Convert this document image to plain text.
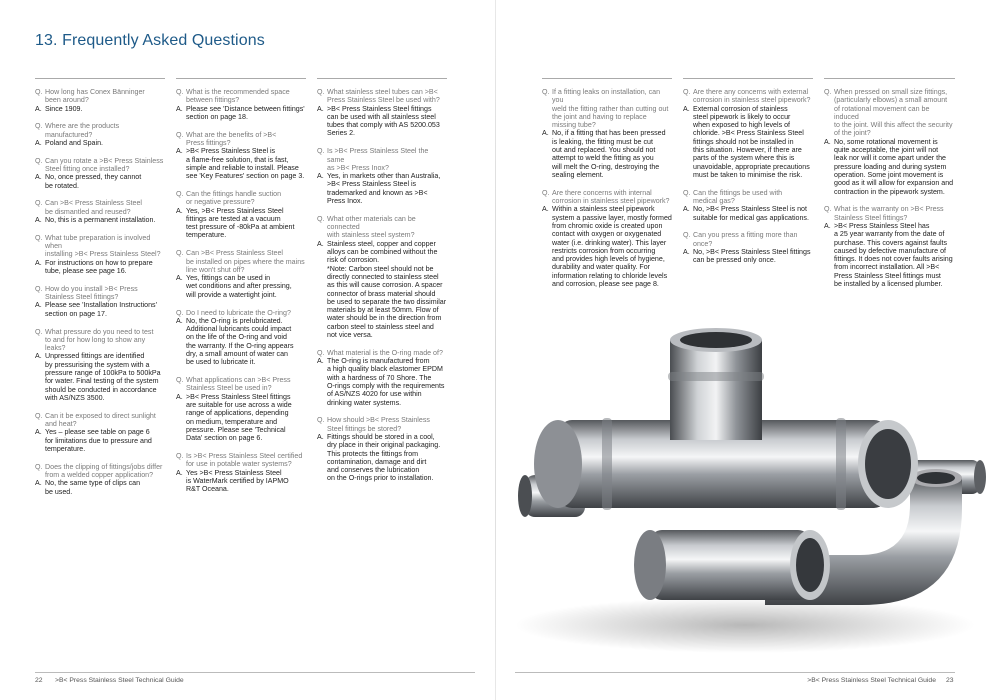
13. Frequently Asked Questions
Q. How long has Conex Bänninger
been around?
A. Since 1909.
Q. Where are the products manufactured?
A. Poland and Spain.
Q. Can you rotate a >B< Press Stainless
Steel fitting once installed?
A. No, once pressed, they cannot
be rotated.
Q. Can >B< Press Stainless Steel
be dismantled and reused?
A. No, this is a permanent installation.
Q. What tube preparation is involved when
installing >B< Press Stainless Steel?
A. For instructions on how to prepare
tube, please see page 16.
Q. How do you install >B< Press
Stainless Steel fittings?
A. Please see 'Installation Instructions'
section on page 17.
Q. What pressure do you need to test
to and for how long to show any leaks?
A. Unpressed fittings are identified
by pressurising the system with a
pressure range of 100kPa to 500kPa
for water. Final testing of the system
should be conducted in accordance
with AS/NZS 3500.
Q. Can it be exposed to direct sunlight
and heat?
A. Yes – please see table on page 6
for limitations due to pressure and
temperature.
Q. Does the clipping of fittings/jobs differ
from a welded copper application?
A. No, the same type of clips can
be used.
Q. What is the recommended space
between fittings?
A. Please see 'Distance between fittings'
section on page 18.
Q. What are the benefits of >B<
Press fittings?
A. >B< Press Stainless Steel is
a flame-free solution, that is fast,
simple and reliable to install. Please
see 'Key Features' section on page 3.
Q. Can the fittings handle suction
or negative pressure?
A. Yes, >B< Press Stainless Steel
fittings are tested at a vacuum
test pressure of -80kPa at ambient
temperature.
Q. Can >B< Press Stainless Steel
be installed on pipes where the mains
line won't shut off?
A. Yes, fittings can be used in
wet conditions and after pressing,
will provide a watertight joint.
Q. Do I need to lubricate the O-ring?
A. No, the O-ring is prelubricated.
Additional lubricants could impact
on the life of the O-ring and void
the warranty. If the O-ring appears
dry, a small amount of water can
be used to lubricate it.
Q. What applications can >B< Press
Stainless Steel be used in?
A. >B< Press Stainless Steel fittings
are suitable for use across a wide
range of applications, depending
on medium, temperature and
pressure. Please see 'Technical
Data' section on page 6.
Q. Is >B< Press Stainless Steel certified
for use in potable water systems?
A. Yes >B< Press Stainless Steel
is WaterMark certified by IAPMO
R&T Oceana.
Q. What stainless steel tubes can >B<
Press Stainless Steel be used with?
A. >B< Press Stainless Steel fittings
can be used with all stainless steel
tubes that comply with AS 5200.053
Series 2.
Q. Is >B< Press Stainless Steel the same
as >B< Press Inox?
A. Yes, in markets other than Australia,
>B< Press Stainless Steel is
trademarked and known as >B<
Press Inox.
Q. What other materials can be connected
with stainless steel system?
A. Stainless steel, copper and copper
alloys can be combined without the
risk of corrosion.
*Note: Carbon steel should not be
directly connected to stainless steel
as this will cause corrosion. A spacer
connector of brass material should
be used to separate the two dissimilar
materials by at least 50mm. Flow of
water should be in the direction from
carbon steel to stainless steel and
not vice versa.
Q. What material is the O-ring made of?
A. The O-ring is manufactured from
a high quality black elastomer EPDM
with a hardness of 70 Shore. The
O-rings comply with the requirements
of AS/NZS 4020 for use within
drinking water systems.
Q. How should >B< Press Stainless
Steel fittings be stored?
A. Fittings should be stored in a cool,
dry place in their original packaging.
This protects the fittings from
contamination, damage and dirt
and conserves the lubrication
on the O-rings prior to installation.
Q. If a fitting leaks on installation, can you
weld the fitting rather than cutting out
the joint and having to replace
missing tube?
A. No, if a fitting that has been pressed
is leaking, the fitting must be cut
out and replaced. You should not
attempt to weld the fitting as you
will melt the O-ring, destroying the
sealing element.
Q. Are there concerns with internal
corrosion in stainless steel pipework?
A. Within a stainless steel pipework
system a passive layer, mostly formed
from chromic oxide is created upon
contact with oxygen or oxygenated
water (i.e. drinking water). This layer
restricts corrosion from occurring
and provides high levels of hygiene,
durability and water quality. For
information relating to chloride levels
and corrosion, please see page 8.
Q. Are there any concerns with external
corrosion in stainless steel pipework?
A. External corrosion of stainless
steel pipework is likely to occur
when exposed to high levels of
chloride. >B< Press Stainless Steel
fittings should not be installed in
this situation. However, if there are
parts of the system where this is
unavoidable, appropriate precautions
must be taken to minimise the risk.
Q. Can the fittings be used with
medical gas?
A. No, >B< Press Stainless Steel is not
suitable for medical gas applications.
Q. Can you press a fitting more than once?
A. No, >B< Press Stainless Steel fittings
can be pressed only once.
Q. When pressed on small size fittings,
(particularly elbows) a small amount
of rotational movement can be induced
to the joint. Will this affect the security
of the joint?
A. No, some rotational movement is
quite acceptable, the joint will not
leak nor will it come apart under the
pressure loading and during system
operation. Some joint movement is
good as it will allow for expansion and
contraction in the pipework system.
Q. What is the warranty on >B< Press
Stainless Steel fittings?
A. >B< Press Stainless Steel has
a 25 year warranty from the date of
purchase. This covers against faults
caused by defective manufacture of
fittings. It does not cover faults arising
from incorrect installation. All >B<
Press Stainless Steel fittings must
be installed by a licensed plumber.
22 >B< Press Stainless Steel Technical Guide	>B< Press Stainless Steel Technical Guide 23
